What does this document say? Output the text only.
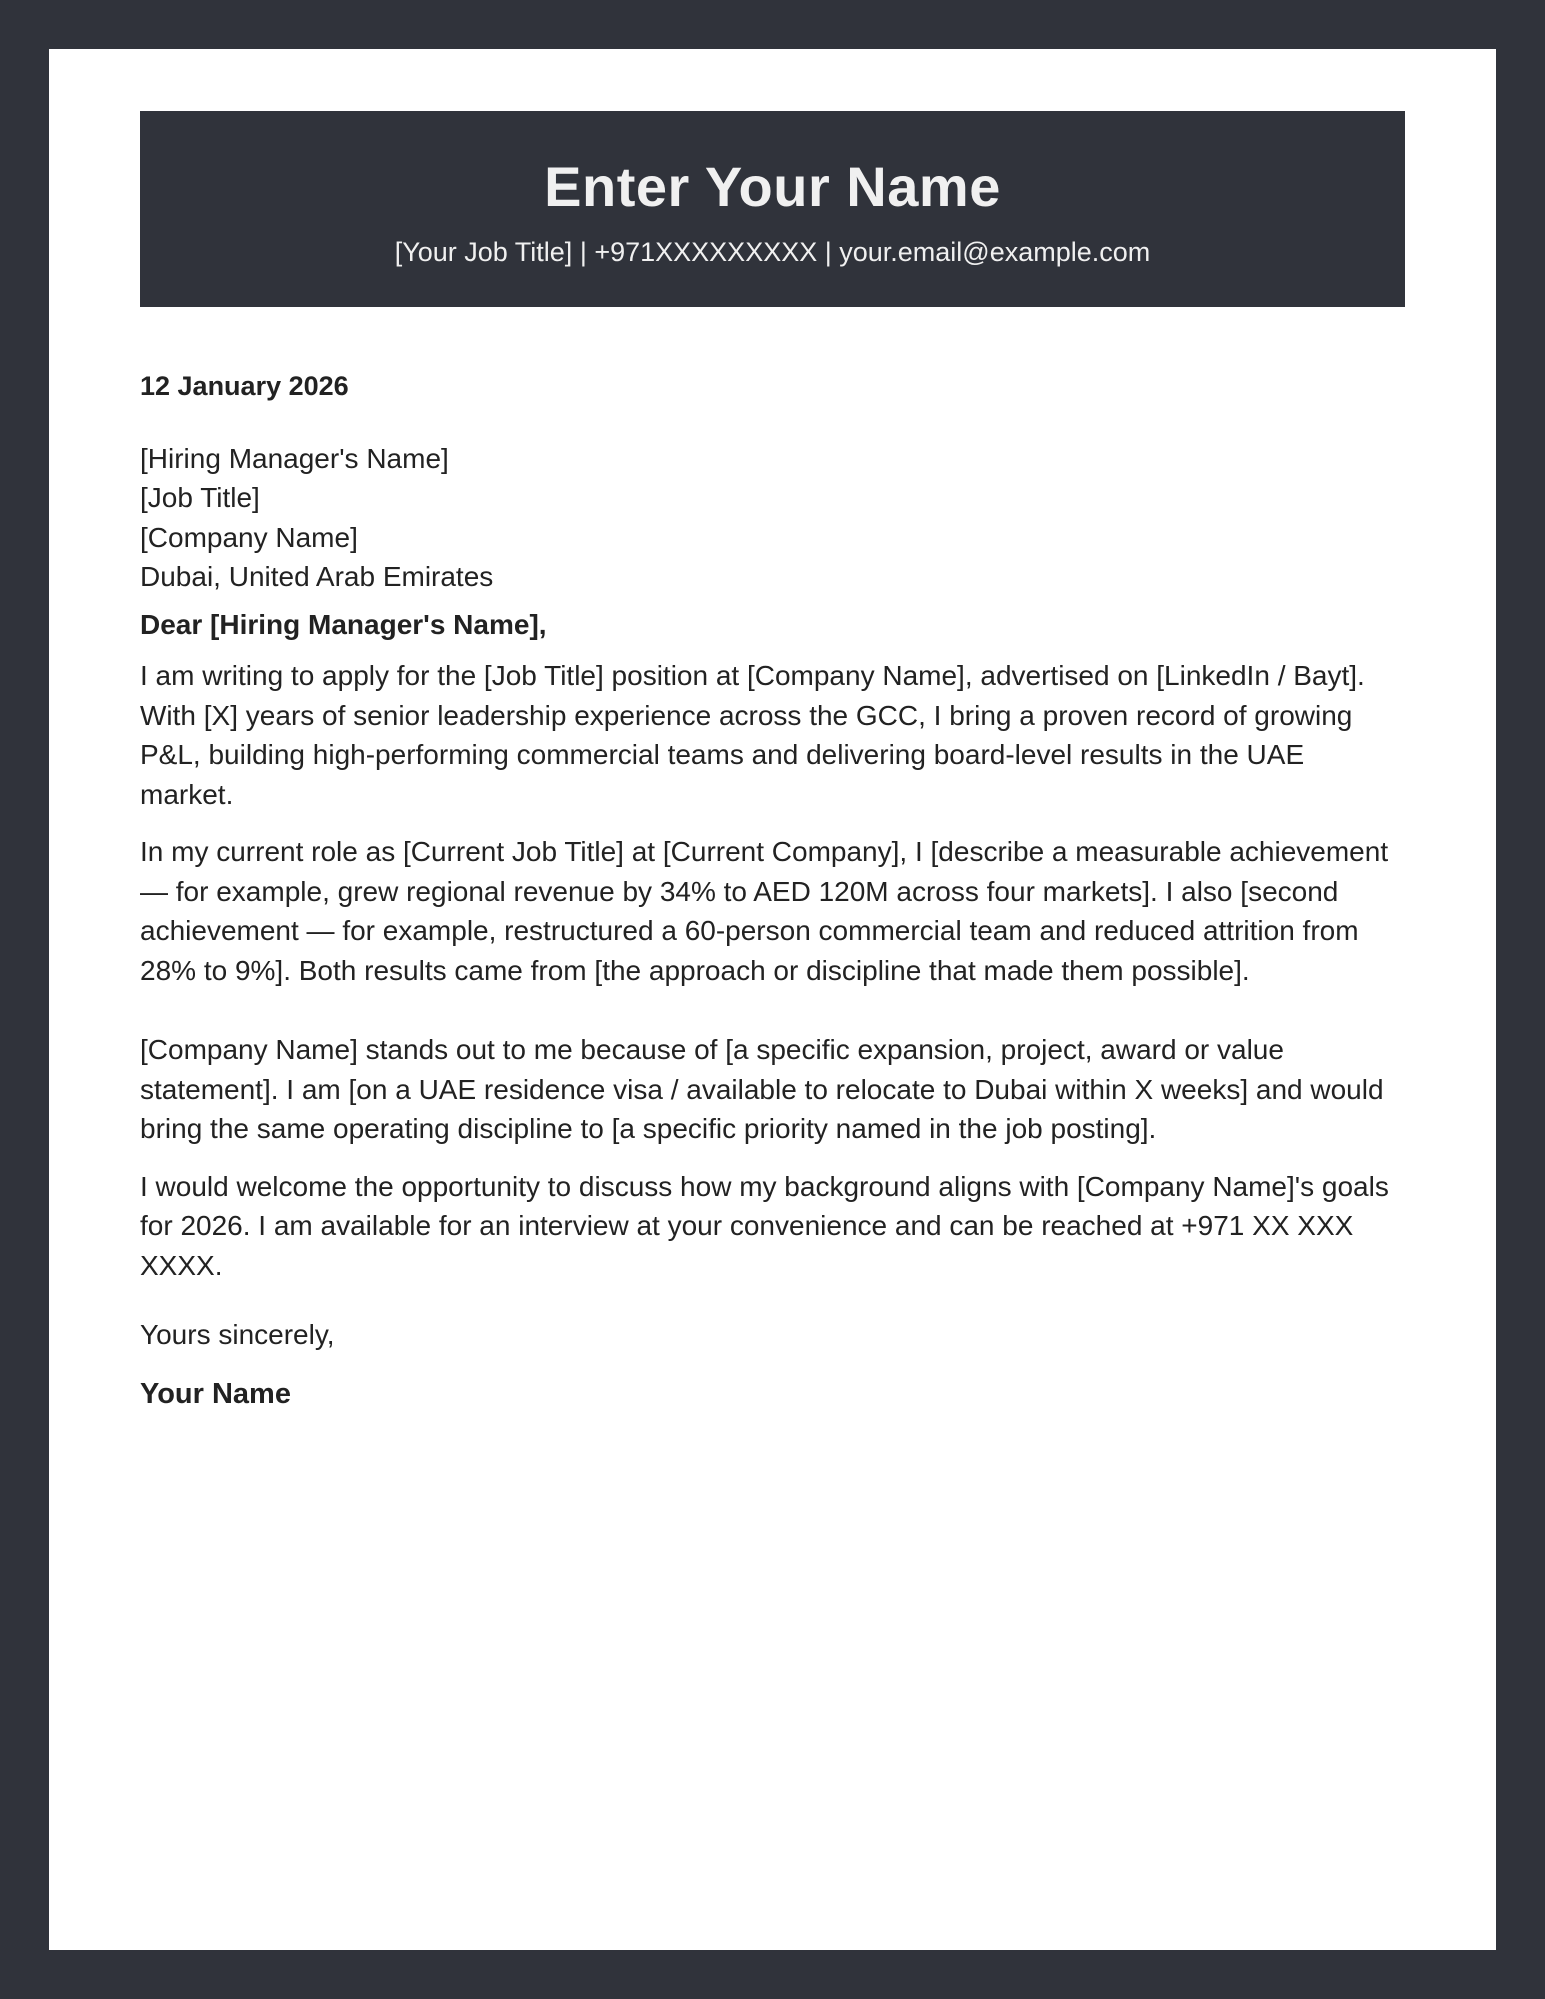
Enter Your Name
[Your Job Title] | +971XXXXXXXXX | your.email@example.com
12 January 2026
[Hiring Manager's Name]
[Job Title]
[Company Name]
Dubai, United Arab Emirates
Dear [Hiring Manager's Name],

I am writing to apply for the [Job Title] position at [Company Name], advertised on [LinkedIn / Bayt]. With [X] years of senior leadership experience across the GCC, I bring a proven record of growing P&L, building high-performing commercial teams and delivering board-level results in the UAE market.

In my current role as [Current Job Title] at [Current Company], I [describe a measurable achievement — for example, grew regional revenue by 34% to AED 120M across four markets]. I also [second achievement — for example, restructured a 60-person commercial team and reduced attrition from 28% to 9%]. Both results came from [the approach or discipline that made them possible].

[Company Name] stands out to me because of [a specific expansion, project, award or value statement]. I am [on a UAE residence visa / available to relocate to Dubai within X weeks] and would bring the same operating discipline to [a specific priority named in the job posting].

I would welcome the opportunity to discuss how my background aligns with [Company Name]'s goals for 2026. I am available for an interview at your convenience and can be reached at +971 XX XXX XXXX.

Yours sincerely,
Your Name
